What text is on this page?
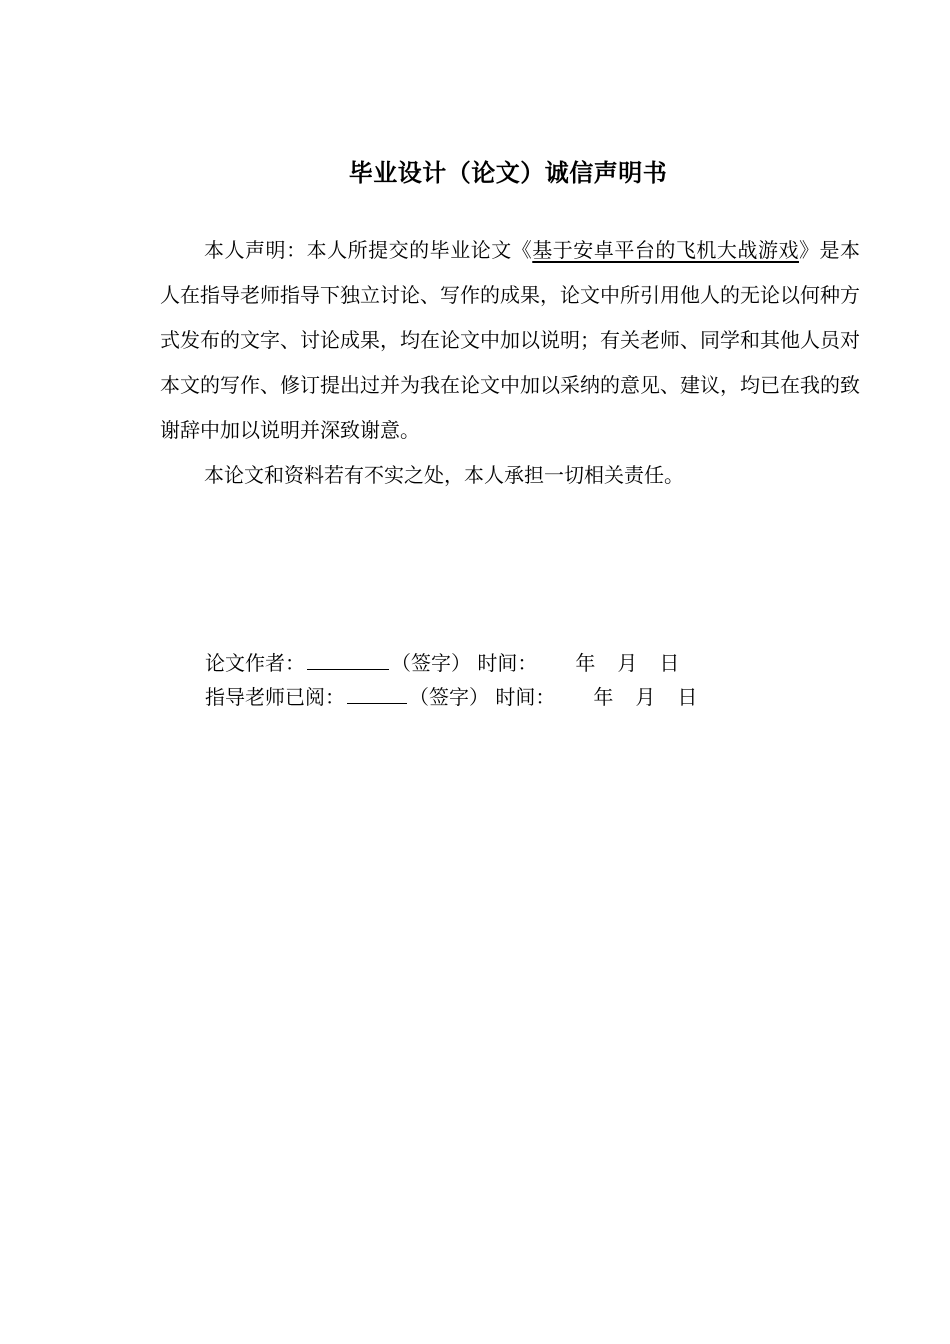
毕业设计（论文）诚信声明书

本人声明：本人所提交的毕业论文《基于安卓平台的飞机大战游戏》是本人在指导老师指导下独立讨论、写作的成果，论文中所引用他人的无论以何种方式发布的文字、讨论成果，均在论文中加以说明；有关老师、同学和其他人员对本文的写作、修订提出过并为我在论文中加以采纳的意见、建议，均已在我的致谢辞中加以说明并深致谢意。

本论文和资料若有不实之处，本人承担一切相关责任。

论文作者：	（签字） 时间： 年 月 日
指导老师已阅：	（签字） 时间： 年 月 日
